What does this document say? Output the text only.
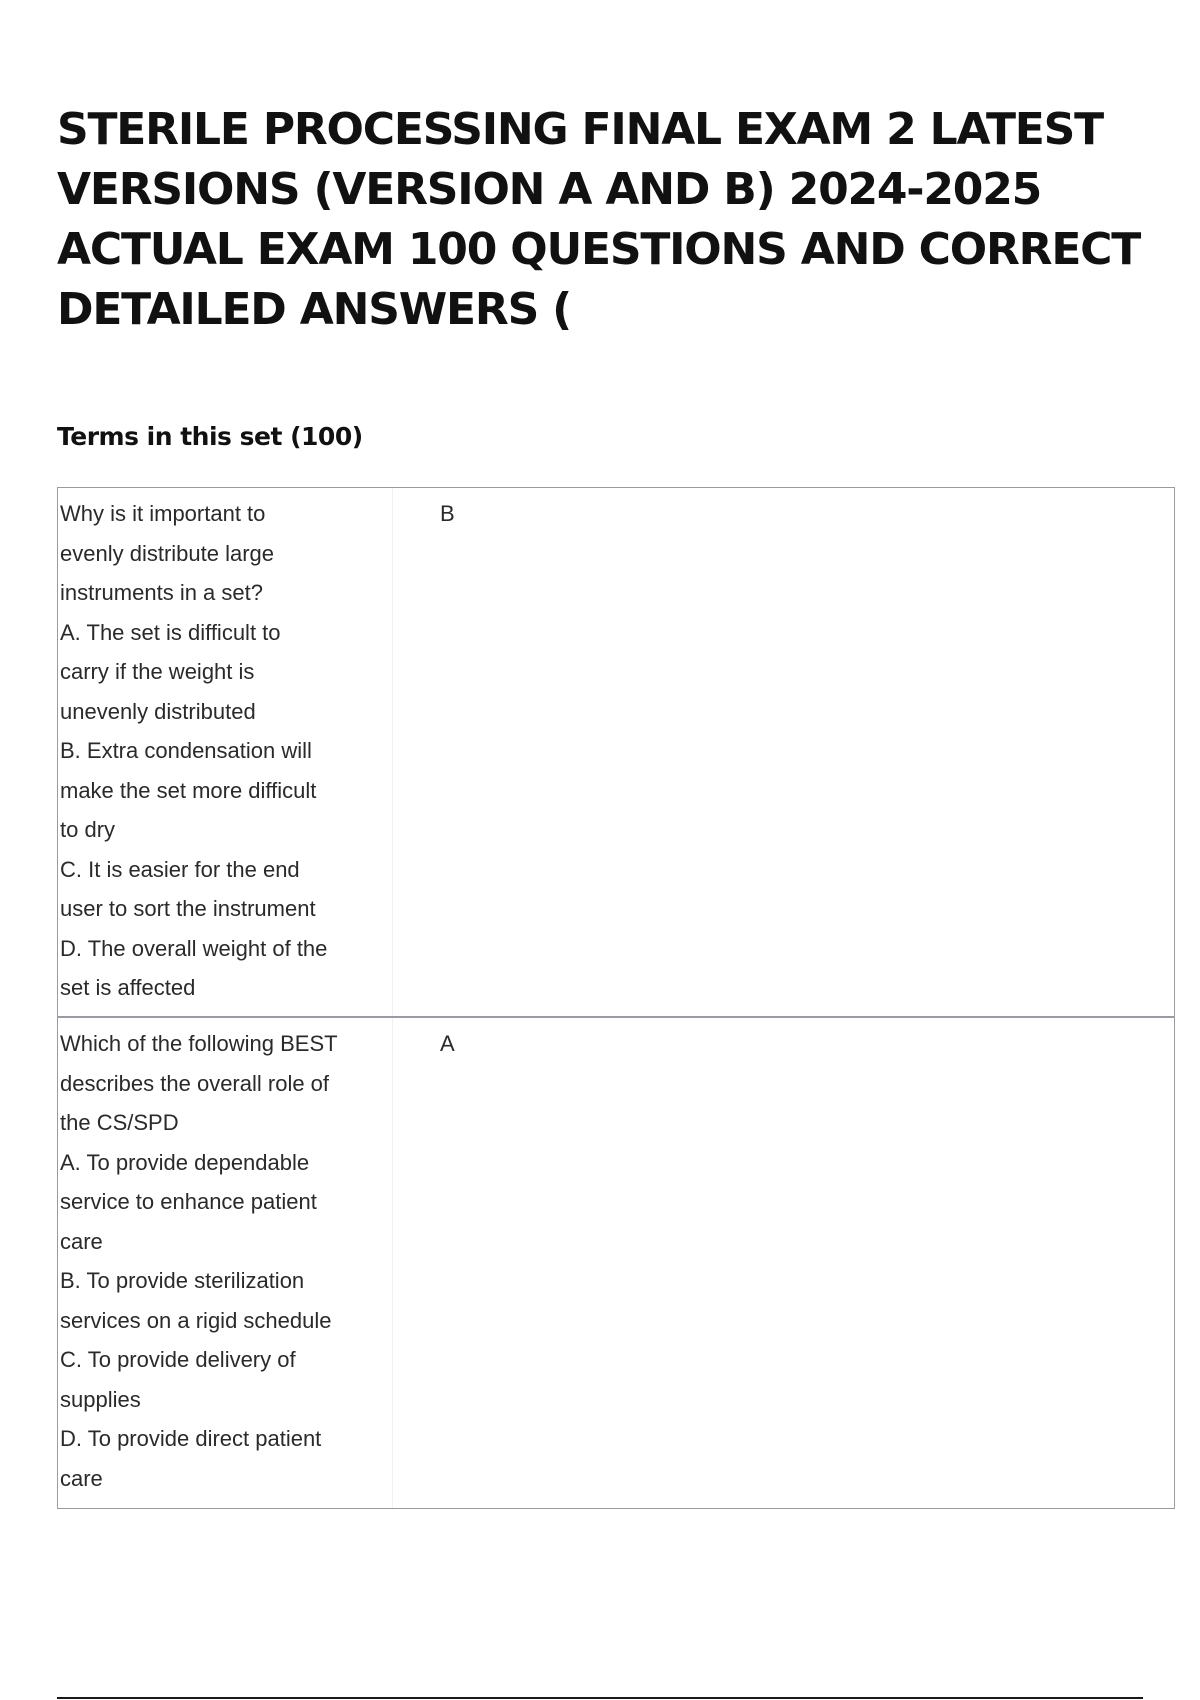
STERILE PROCESSING FINAL EXAM 2 LATEST VERSIONS (VERSION A AND B) 2024-2025 ACTUAL EXAM 100 QUESTIONS AND CORRECT DETAILED ANSWERS (
Terms in this set (100)
Why is it important to
evenly distribute large
instruments in a set?
A. The set is difficult to
carry if the weight is
unevenly distributed
B. Extra condensation will
make the set more difficult
to dry
C. It is easier for the end
user to sort the instrument
D. The overall weight of the
set is affected
B
Which of the following BEST
describes the overall role of
the CS/SPD
A. To provide dependable
service to enhance patient
care
B. To provide sterilization
services on a rigid schedule
C. To provide delivery of
supplies
D. To provide direct patient
care
A
